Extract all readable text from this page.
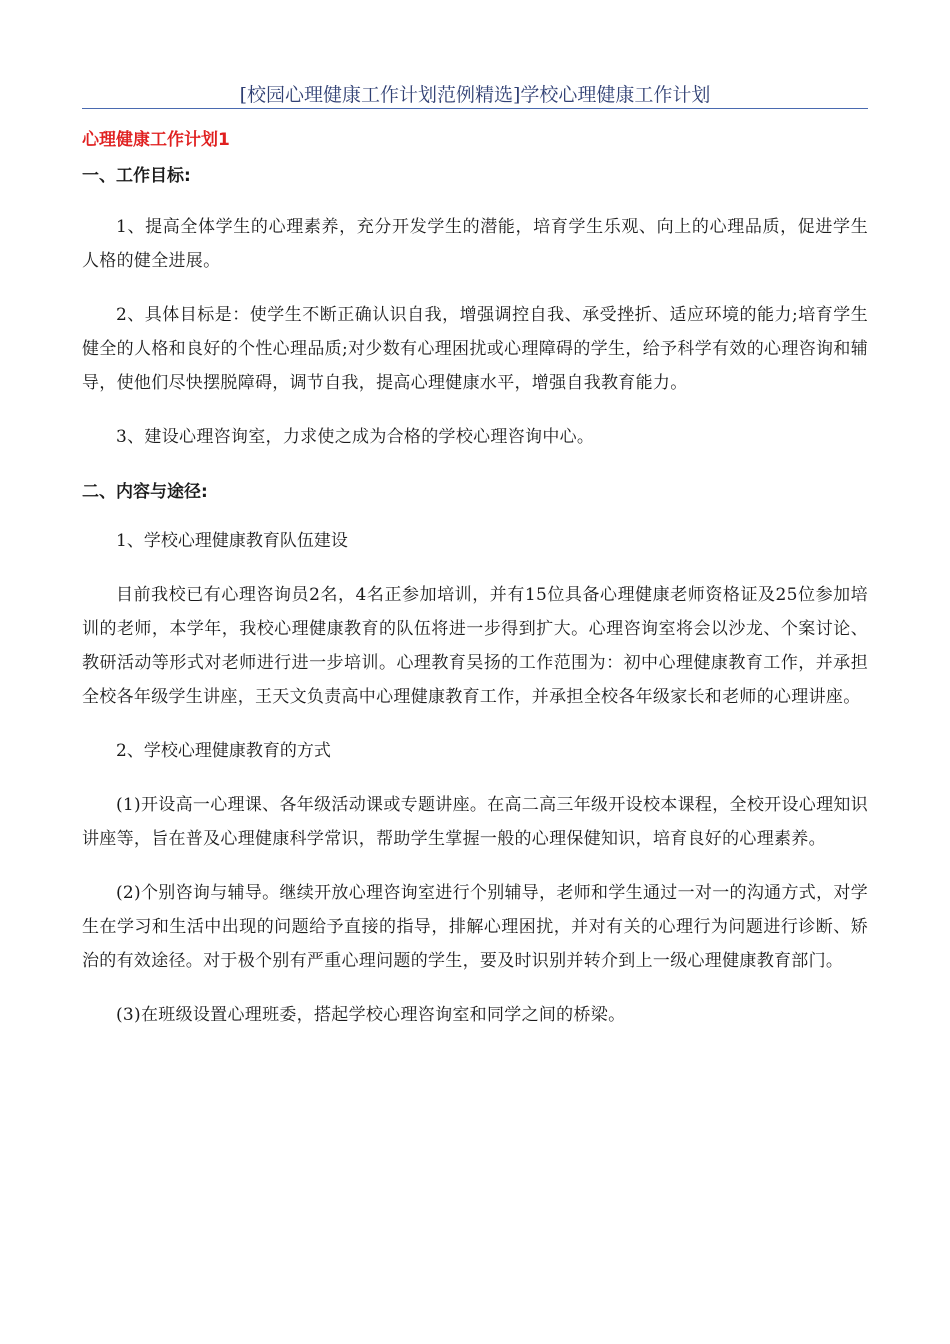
[校园心理健康工作计划范例精选]学校心理健康工作计划
心理健康工作计划1
一、工作目标:

1、提高全体学生的心理素养，充分开发学生的潜能，培育学生乐观、向上的心理品质，促进学生人格的健全进展。

2、具体目标是：使学生不断正确认识自我，增强调控自我、承受挫折、适应环境的能力;培育学生健全的人格和良好的个性心理品质;对少数有心理困扰或心理障碍的学生，给予科学有效的心理咨询和辅导，使他们尽快摆脱障碍，调节自我，提高心理健康水平，增强自我教育能力。

3、建设心理咨询室，力求使之成为合格的学校心理咨询中心。

二、内容与途径:

1、学校心理健康教育队伍建设

目前我校已有心理咨询员2名，4名正参加培训，并有15位具备心理健康老师资格证及25位参加培训的老师，本学年，我校心理健康教育的队伍将进一步得到扩大。心理咨询室将会以沙龙、个案讨论、教研活动等形式对老师进行进一步培训。心理教育吴扬的工作范围为：初中心理健康教育工作，并承担全校各年级学生讲座，王天文负责高中心理健康教育工作，并承担全校各年级家长和老师的心理讲座。

2、学校心理健康教育的方式

(1)开设高一心理课、各年级活动课或专题讲座。在高二高三年级开设校本课程，全校开设心理知识讲座等，旨在普及心理健康科学常识，帮助学生掌握一般的心理保健知识，培育良好的心理素养。

(2)个别咨询与辅导。继续开放心理咨询室进行个别辅导，老师和学生通过一对一的沟通方式，对学生在学习和生活中出现的问题给予直接的指导，排解心理困扰，并对有关的心理行为问题进行诊断、矫治的有效途径。对于极个别有严重心理问题的学生，要及时识别并转介到上一级心理健康教育部门。

(3)在班级设置心理班委，搭起学校心理咨询室和同学之间的桥梁。
